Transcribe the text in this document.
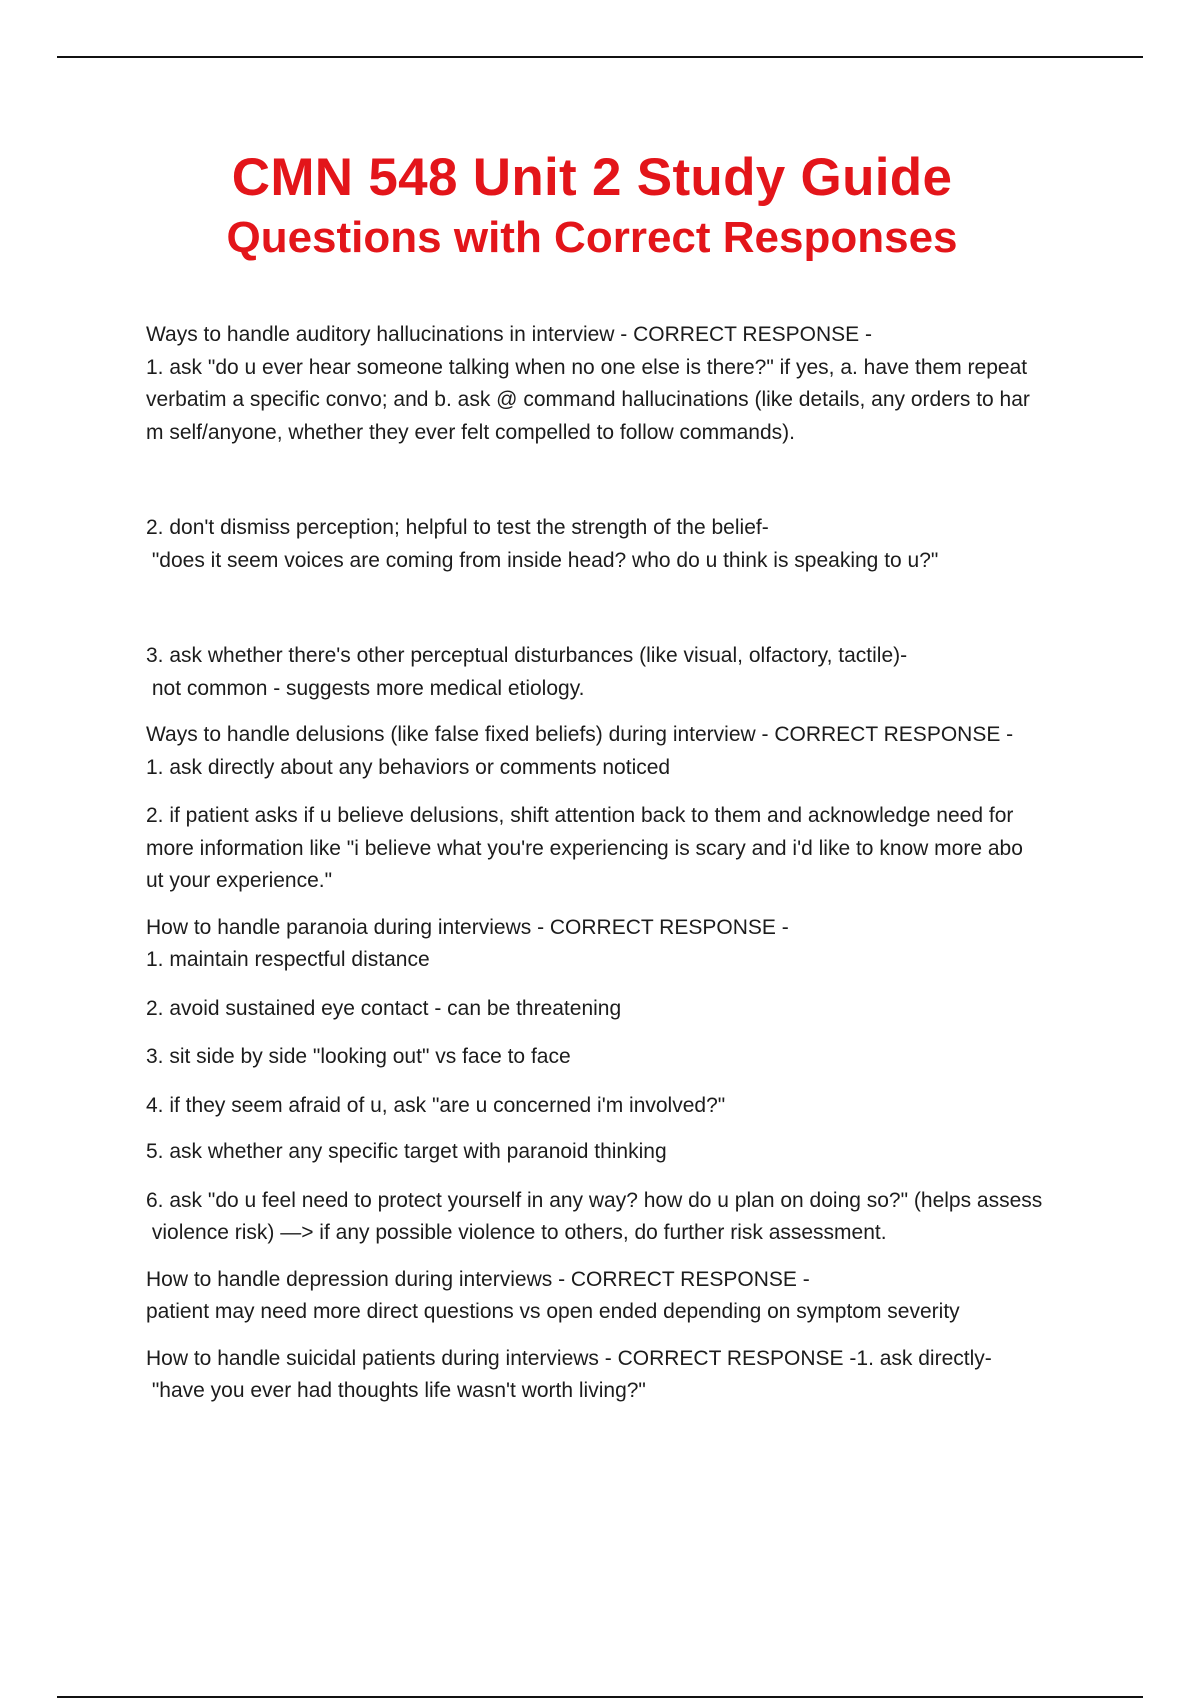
CMN 548 Unit 2 Study Guide
Questions with Correct Responses

Ways to handle auditory hallucinations in interview - CORRECT RESPONSE -

1. ask "do u ever hear someone talking when no one else is there?" if yes, a. have them repeat

verbatim a specific convo; and b. ask @ command hallucinations (like details, any orders to har

m self/anyone, whether they ever felt compelled to follow commands).

2. don't dismiss perception; helpful to test the strength of the belief-

"does it seem voices are coming from inside head? who do u think is speaking to u?"

3. ask whether there's other perceptual disturbances (like visual, olfactory, tactile)-

not common - suggests more medical etiology.

Ways to handle delusions (like false fixed beliefs) during interview - CORRECT RESPONSE -

1. ask directly about any behaviors or comments noticed

2. if patient asks if u believe delusions, shift attention back to them and acknowledge need for

more information like "i believe what you're experiencing is scary and i'd like to know more abo

ut your experience."

How to handle paranoia during interviews - CORRECT RESPONSE -

1. maintain respectful distance

2. avoid sustained eye contact - can be threatening

3. sit side by side "looking out" vs face to face

4. if they seem afraid of u, ask "are u concerned i'm involved?"

5. ask whether any specific target with paranoid thinking

6. ask "do u feel need to protect yourself in any way? how do u plan on doing so?" (helps assess

violence risk) —> if any possible violence to others, do further risk assessment.

How to handle depression during interviews - CORRECT RESPONSE -

patient may need more direct questions vs open ended depending on symptom severity

How to handle suicidal patients during interviews - CORRECT RESPONSE -1. ask directly-

"have you ever had thoughts life wasn't worth living?"
